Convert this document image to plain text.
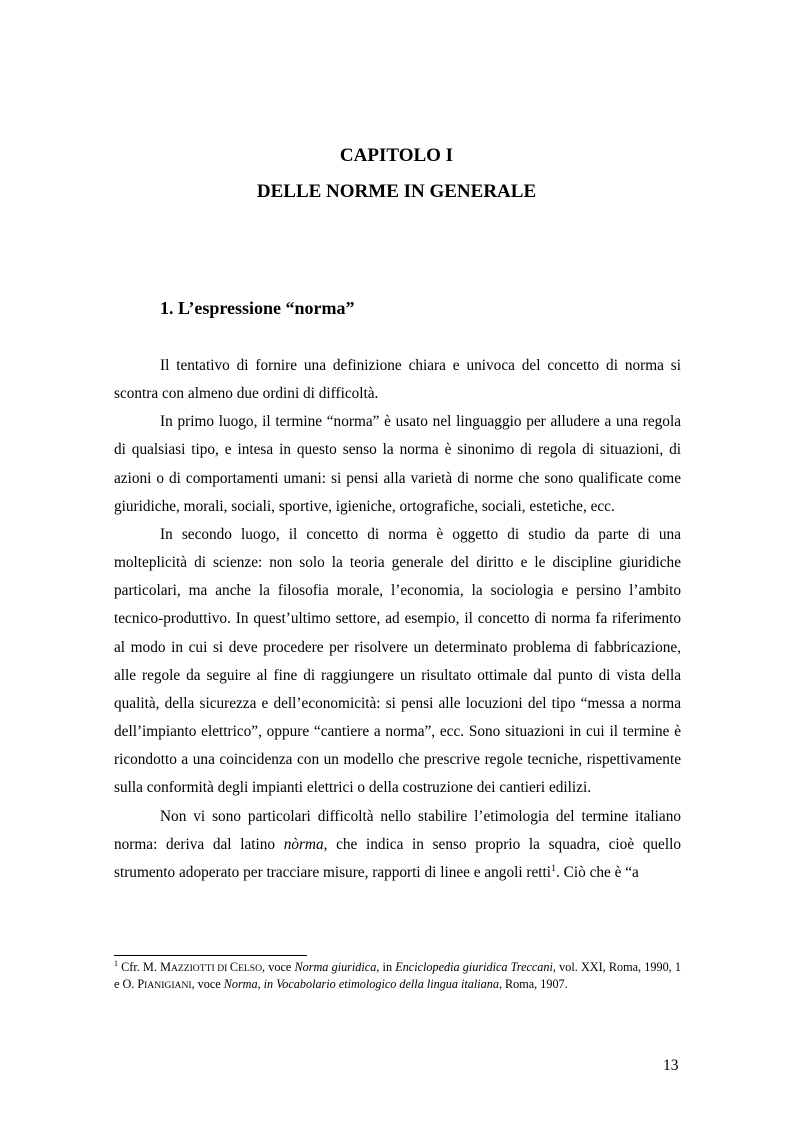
CAPITOLO I
DELLE NORME IN GENERALE
1. L’espressione “norma”

Il tentativo di fornire una definizione chiara e univoca del concetto di norma si scontra con almeno due ordini di difficoltà.

In primo luogo, il termine “norma” è usato nel linguaggio per alludere a una regola di qualsiasi tipo, e intesa in questo senso la norma è sinonimo di regola di situazioni, di azioni o di comportamenti umani: si pensi alla varietà di norme che sono qualificate come giuridiche, morali, sociali, sportive, igieniche, ortografiche, sociali, estetiche, ecc.

In secondo luogo, il concetto di norma è oggetto di studio da parte di una molteplicità di scienze: non solo la teoria generale del diritto e le discipline giuridiche particolari, ma anche la filosofia morale, l’economia, la sociologia e persino l’ambito tecnico-produttivo. In quest’ultimo settore, ad esempio, il concetto di norma fa riferimento al modo in cui si deve procedere per risolvere un determinato problema di fabbricazione, alle regole da seguire al fine di raggiungere un risultato ottimale dal punto di vista della qualità, della sicurezza e dell’economicità: si pensi alle locuzioni del tipo “messa a norma dell’impianto elettrico”, oppure “cantiere a norma”, ecc. Sono situazioni in cui il termine è ricondotto a una coincidenza con un modello che prescrive regole tecniche, rispettivamente sulla conformità degli impianti elettrici o della costruzione dei cantieri edilizi.

Non vi sono particolari difficoltà nello stabilire l’etimologia del termine italiano norma: deriva dal latino nòrma, che indica in senso proprio la squadra, cioè quello strumento adoperato per tracciare misure, rapporti di linee e angoli retti$^1$. Ciò che è “a

$^1$ Cfr. M. MAZZIOTTI DI CELSO, voce Norma giuridica, in Enciclopedia giuridica Treccani, vol. XXI, Roma, 1990, 1 e O. PIANIGIANI, voce Norma, in Vocabolario etimologico della lingua italiana, Roma, 1907.

13
